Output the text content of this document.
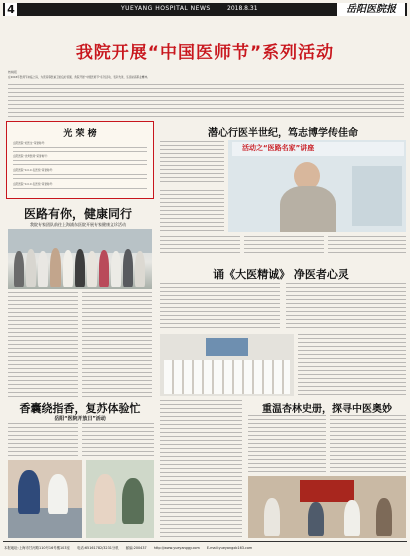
4	YUEYANG HOSPITAL NEWS	2018.8.31	岳阳医院报
我院开展“中国医师节”系列活动
核桃报
在2018年医师节来临之际，为营造尊医重卫的良好氛围，我院开展“中国医师节”系列活动，表彰先进，弘扬崇高职业精神。
光 荣 榜
岳阳医院“好医生”荣誉称号：
岳阳医院“优秀医师”荣誉称号：
岳阳医院“C.C.C.名医奖”荣誉称号：
岳阳医院“C.C.C.名医奖”荣誉称号：
医路有你，健康同行
我院专家团队前往上海浦东医院开展专家健康义诊活动
潜心行医半世纪，笃志博学传佳命
活动之“医路名家”讲座
诵《大医精诚》 净医者心灵
香囊绕指香，复苏体验忙
岳阳“医院开放日”活动
重温杏林史册，探寻中医奥妙
本报地址:上海市甘河路110号16号楼103室 电话:65161782/3231分机 邮编:200437 http://www.yueyanggy.com E-mail:yueyangxb163.com
